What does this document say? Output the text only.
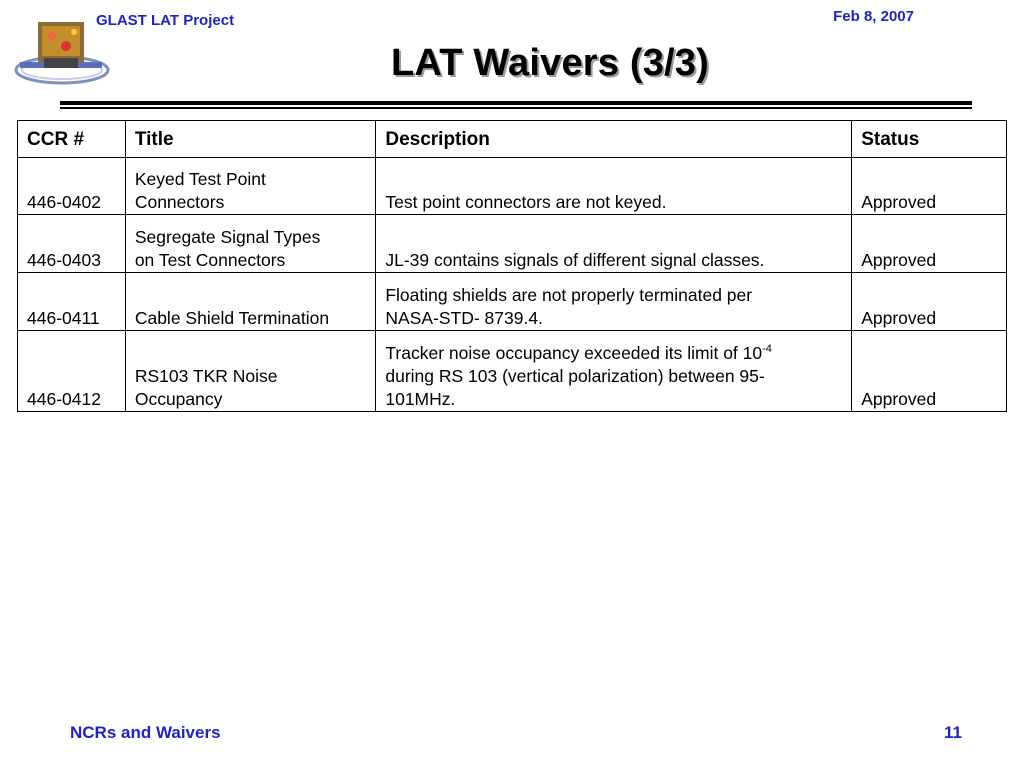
GLAST LAT Project	Feb 8, 2007
LAT Waivers (3/3)
CCR #	Title	Description	Status
446-0402	Keyed Test Point
Connectors	Test point connectors are not keyed.	Approved
446-0403	Segregate Signal Types
on Test Connectors	JL-39 contains signals of different signal classes.	Approved
446-0411	Cable Shield Termination	Floating shields are not properly terminated per
NASA-STD- 8739.4.	Approved
446-0412	RS103 TKR Noise
Occupancy	Tracker noise occupancy exceeded its limit of $10^{-4}$
during RS 103 (vertical polarization) between 95-
101MHz.	Approved
NCRs and Waivers	11
